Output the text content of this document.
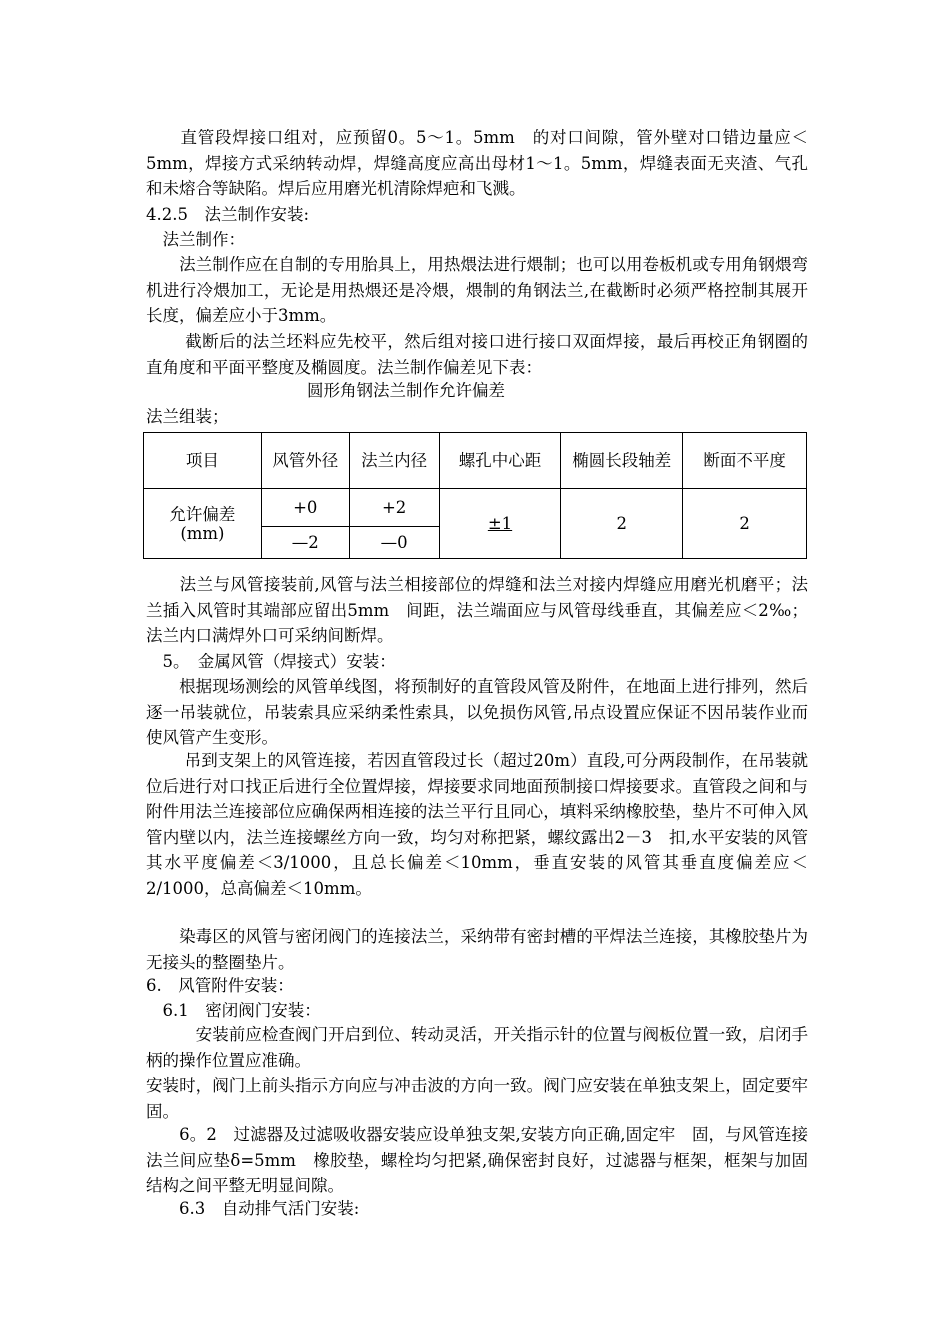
　　直管段焊接口组对，应预留0。5～1。5mm　的对口间隙，管外壁对口错边量应＜5mm，焊接方式采纳转动焊，焊缝高度应高出母材1～1。5mm，焊缝表面无夹渣、气孔和未熔合等缺陷。焊后应用磨光机清除焊疤和飞溅。

4.2.5　法兰制作安装:

　法兰制作：

　　法兰制作应在自制的专用胎具上，用热煨法进行煨制；也可以用卷板机或专用角钢煨弯机进行冷煨加工，无论是用热煨还是冷煨，煨制的角钢法兰,在截断时必须严格控制其展开长度，偏差应小于3mm。

　　 截断后的法兰坯料应先校平，然后组对接口进行接口双面焊接，最后再校正角钢圈的直角度和平面平整度及椭圆度。法兰制作偏差见下表：

圆形角钢法兰制作允许偏差

法兰组装；

项目	风管外径	法兰内径	螺孔中心距	椭圆长段轴差	断面不平度
允许偏差
(mm)	+0	+2	±1	2	2
	—2	—0			

　　法兰与风管接装前,风管与法兰相接部位的焊缝和法兰对接内焊缝应用磨光机磨平；法兰插入风管时其端部应留出5mm　间距，法兰端面应与风管母线垂直，其偏差应＜2‰；法兰内口满焊外口可采纳间断焊。

　5。　金属风管（焊接式）安装：

　　根据现场测绘的风管单线图，将预制好的直管段风管及附件，在地面上进行排列，然后逐一吊装就位，吊装索具应采纳柔性索具，以免损伤风管,吊点设置应保证不因吊装作业而使风管产生变形。

　　 吊到支架上的风管连接，若因直管段过长（超过20m）直段,可分两段制作，在吊装就位后进行对口找正后进行全位置焊接，焊接要求同地面预制接口焊接要求。直管段之间和与附件用法兰连接部位应确保两相连接的法兰平行且同心，填料采纳橡胶垫，垫片不可伸入风管内壁以内，法兰连接螺丝方向一致，均匀对称把紧，螺纹露出2－3　扣,水平安装的风管其水平度偏差＜3/1000，且总长偏差＜10mm，垂直安装的风管其垂直度偏差应＜2/1000，总高偏差＜10mm。

　　染毒区的风管与密闭阀门的连接法兰，采纳带有密封槽的平焊法兰连接，其橡胶垫片为无接头的整圈垫片。

6.　风管附件安装：

　6.1　密闭阀门安装：

　　　安装前应检查阀门开启到位、转动灵活，开关指示针的位置与阀板位置一致，启闭手柄的操作位置应准确。

安装时，阀门上前头指示方向应与冲击波的方向一致。阀门应安装在单独支架上，固定要牢固。

　　6。2　过滤器及过滤吸收器安装应设单独支架,安装方向正确,固定牢　固，与风管连接法兰间应垫δ=5mm　橡胶垫，螺栓均匀把紧,确保密封良好，过滤器与框架，框架与加固结构之间平整无明显间隙。

　　6.3　自动排气活门安装:
